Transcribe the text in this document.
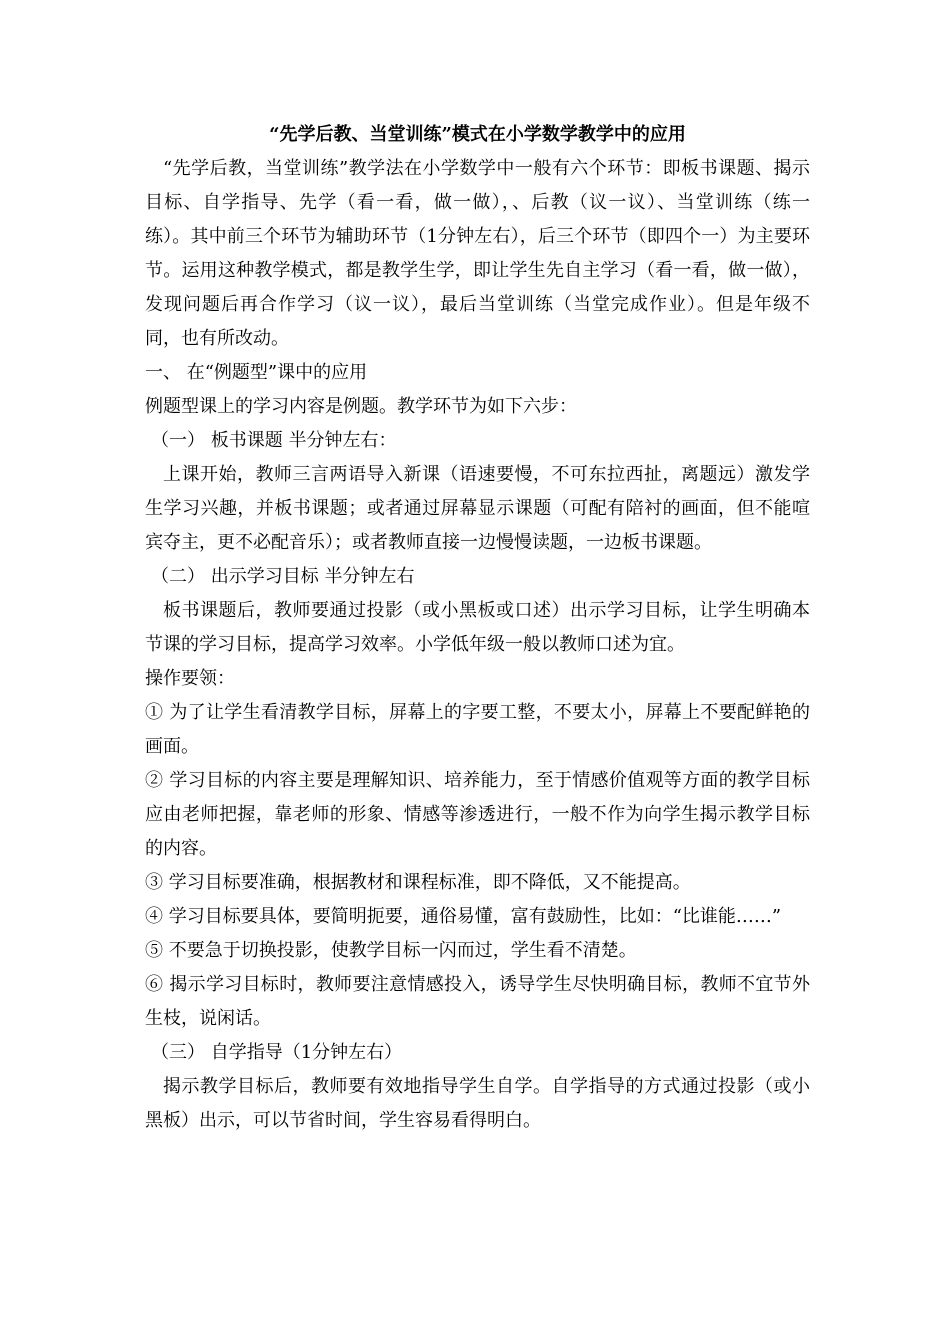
“先学后教、当堂训练”模式在小学数学教学中的应用

“先学后教，当堂训练”教学法在小学数学中一般有六个环节：即板书课题、揭示目标、自学指导、先学（看一看，做一做），、后教（议一议）、当堂训练（练一练）。其中前三个环节为辅助环节（1分钟左右），后三个环节（即四个一）为主要环节。运用这种教学模式，都是教学生学，即让学生先自主学习（看一看，做一做），发现问题后再合作学习（议一议），最后当堂训练（当堂完成作业）。但是年级不同，也有所改动。

一、 在“例题型”课中的应用

例题型课上的学习内容是例题。教学环节为如下六步：

（一） 板书课题 半分钟左右：

上课开始，教师三言两语导入新课（语速要慢，不可东拉西扯，离题远）激发学生学习兴趣，并板书课题；或者通过屏幕显示课题（可配有陪衬的画面，但不能喧宾夺主，更不必配音乐）；或者教师直接一边慢慢读题，一边板书课题。

（二） 出示学习目标 半分钟左右

板书课题后，教师要通过投影（或小黑板或口述）出示学习目标，让学生明确本节课的学习目标，提高学习效率。小学低年级一般以教师口述为宜。

操作要领：

① 为了让学生看清教学目标，屏幕上的字要工整，不要太小，屏幕上不要配鲜艳的画面。

② 学习目标的内容主要是理解知识、培养能力，至于情感价值观等方面的教学目标应由老师把握，靠老师的形象、情感等渗透进行，一般不作为向学生揭示教学目标的内容。

③ 学习目标要准确，根据教材和课程标准，即不降低，又不能提高。

④ 学习目标要具体，要简明扼要，通俗易懂，富有鼓励性，比如：“比谁能……”

⑤ 不要急于切换投影，使教学目标一闪而过，学生看不清楚。

⑥ 揭示学习目标时，教师要注意情感投入，诱导学生尽快明确目标，教师不宜节外生枝，说闲话。

（三） 自学指导（1分钟左右）

揭示教学目标后，教师要有效地指导学生自学。自学指导的方式通过投影（或小黑板）出示，可以节省时间，学生容易看得明白。
